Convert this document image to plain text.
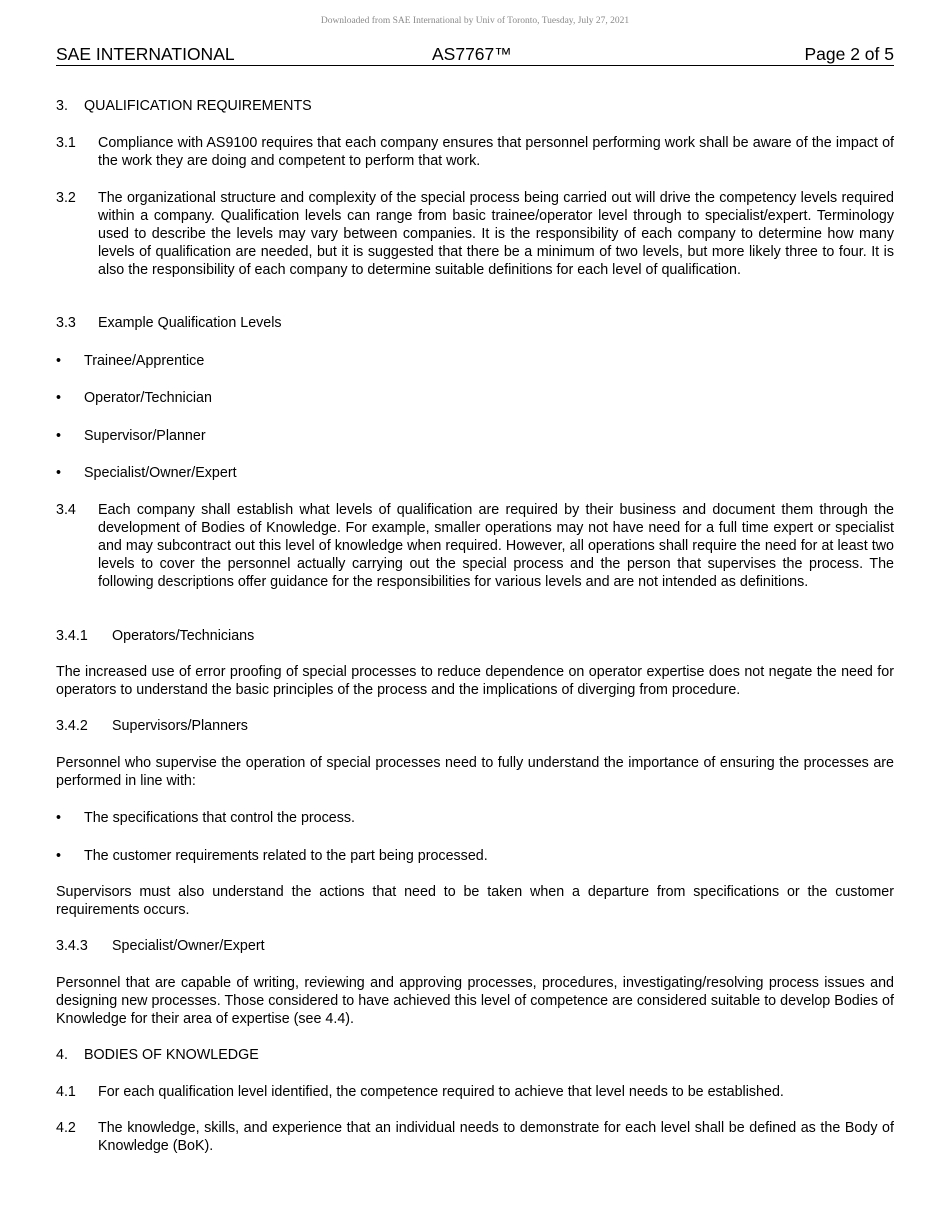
Downloaded from SAE International by Univ of Toronto, Tuesday, July 27, 2021
SAE INTERNATIONAL	AS7767™	Page 2 of 5
3. QUALIFICATION REQUIREMENTS
3.1	Compliance with AS9100 requires that each company ensures that personnel performing work shall be aware of the impact of the work they are doing and competent to perform that work.
3.2	The organizational structure and complexity of the special process being carried out will drive the competency levels required within a company. Qualification levels can range from basic trainee/operator level through to specialist/expert. Terminology used to describe the levels may vary between companies. It is the responsibility of each company to determine how many levels of qualification are needed, but it is suggested that there be a minimum of two levels, but more likely three to four. It is also the responsibility of each company to determine suitable definitions for each level of qualification.
3.3	Example Qualification Levels
•	Trainee/Apprentice
•	Operator/Technician
•	Supervisor/Planner
•	Specialist/Owner/Expert
3.4	Each company shall establish what levels of qualification are required by their business and document them through the development of Bodies of Knowledge. For example, smaller operations may not have need for a full time expert or specialist and may subcontract out this level of knowledge when required. However, all operations shall require the need for at least two levels to cover the personnel actually carrying out the special process and the person that supervises the process. The following descriptions offer guidance for the responsibilities for various levels and are not intended as definitions.
3.4.1 Operators/Technicians
The increased use of error proofing of special processes to reduce dependence on operator expertise does not negate the need for operators to understand the basic principles of the process and the implications of diverging from procedure.
3.4.2 Supervisors/Planners
Personnel who supervise the operation of special processes need to fully understand the importance of ensuring the processes are performed in line with:
•	The specifications that control the process.
•	The customer requirements related to the part being processed.
Supervisors must also understand the actions that need to be taken when a departure from specifications or the customer requirements occurs.
3.4.3 Specialist/Owner/Expert
Personnel that are capable of writing, reviewing and approving processes, procedures, investigating/resolving process issues and designing new processes. Those considered to have achieved this level of competence are considered suitable to develop Bodies of Knowledge for their area of expertise (see 4.4).
4. BODIES OF KNOWLEDGE
4.1	For each qualification level identified, the competence required to achieve that level needs to be established.
4.2	The knowledge, skills, and experience that an individual needs to demonstrate for each level shall be defined as the Body of Knowledge (BoK).
